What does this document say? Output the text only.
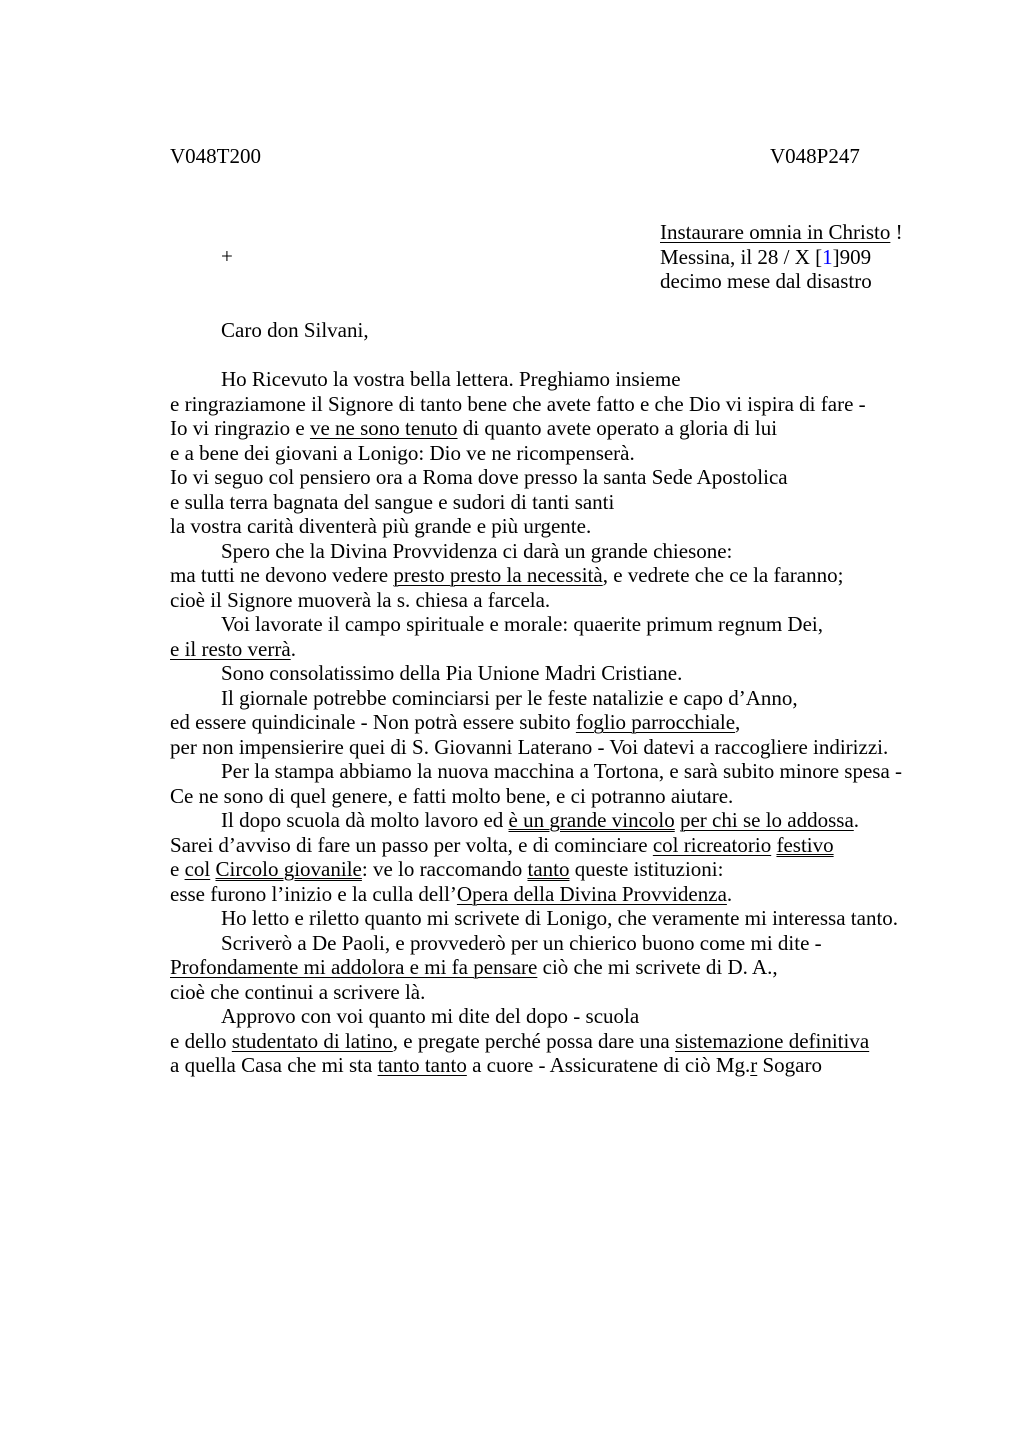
V048T200	V048P247
Instaurare omnia in Christo !
Messina, il 28 / X [1]909
decimo mese dal disastro
+
Caro don Silvani,
Ho Ricevuto la vostra bella lettera. Preghiamo insieme
e ringraziamone il Signore di tanto bene che avete fatto e che Dio vi ispira di fare -
Io vi ringrazio e ve ne sono tenuto di quanto avete operato a gloria di lui
e a bene dei giovani a Lonigo: Dio ve ne ricompenserà.
Io vi seguo col pensiero ora a Roma dove presso la santa Sede Apostolica
e sulla terra bagnata del sangue e sudori di tanti santi
la vostra carità diventerà più grande e più urgente.
Spero che la Divina Provvidenza ci darà un grande chiesone:
ma tutti ne devono vedere presto presto la necessità, e vedrete che ce la faranno;
cioè il Signore muoverà la s. chiesa a farcela.
Voi lavorate il campo spirituale e morale: quaerite primum regnum Dei,
e il resto verrà.
Sono consolatissimo della Pia Unione Madri Cristiane.
Il giornale potrebbe cominciarsi per le feste natalizie e capo d’Anno,
ed essere quindicinale - Non potrà essere subito foglio parrocchiale,
per non impensierire quei di S. Giovanni Laterano - Voi datevi a raccogliere indirizzi.
Per la stampa abbiamo la nuova macchina a Tortona, e sarà subito minore spesa -
Ce ne sono di quel genere, e fatti molto bene, e ci potranno aiutare.
Il dopo scuola dà molto lavoro ed è un grande vincolo per chi se lo addossa.
Sarei d’avviso di fare un passo per volta, e di cominciare col ricreatorio festivo
e col Circolo giovanile: ve lo raccomando tanto queste istituzioni:
esse furono l’inizio e la culla dell’Opera della Divina Provvidenza.
Ho letto e riletto quanto mi scrivete di Lonigo, che veramente mi interessa tanto.
Scriverò a De Paoli, e provvederò per un chierico buono come mi dite -
Profondamente mi addolora e mi fa pensare ciò che mi scrivete di D. A.,
cioè che continui a scrivere là.
Approvo con voi quanto mi dite del dopo - scuola
e dello studentato di latino, e pregate perché possa dare una sistemazione definitiva
a quella Casa che mi sta tanto tanto a cuore - Assicuratene di ciò Mg.r Sogaro
